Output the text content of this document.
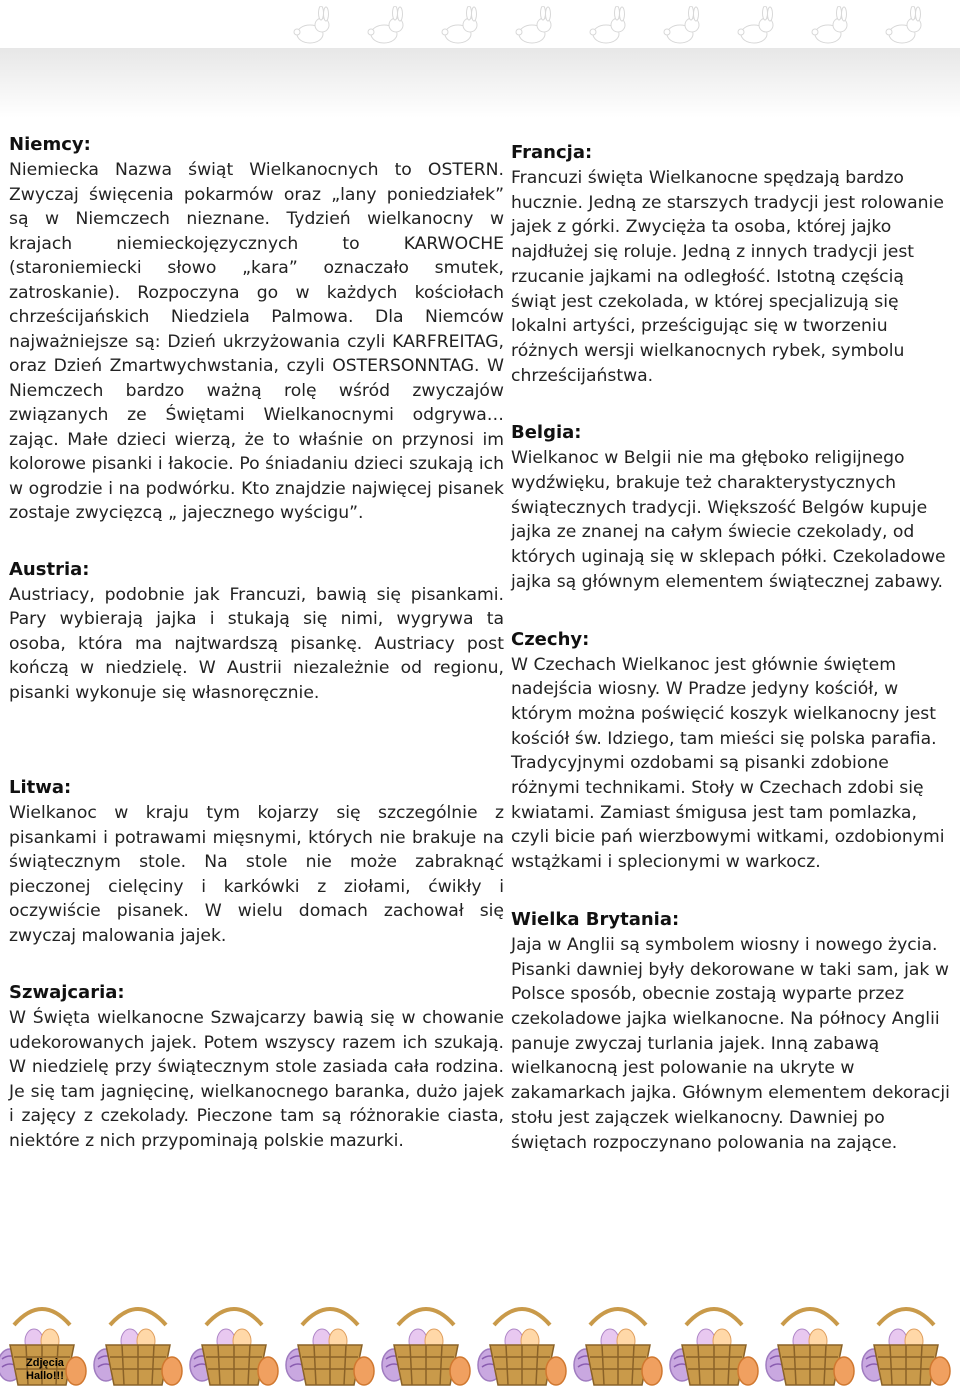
Niemcy:

Niemiecka Nazwa świąt Wielkanocnych to OSTERN. Zwyczaj święcenia pokarmów oraz „lany poniedziałek” są w Niemczech nieznane. Tydzień wielkanocny w krajach niemieckojęzycznych to KARWOCHE (staroniemiecki słowo „kara” oznaczało smutek, zatroskanie). Rozpoczyna go w każdych kościołach chrześcijańskich Niedziela Palmowa. Dla Niemców najważniejsze są: Dzień ukrzyżowania czyli KARFREITAG, oraz Dzień Zmartwychwstania, czyli OSTERSONNTAG. W Niemczech bardzo ważną rolę wśród zwyczajów związanych ze Świętami Wielkanocnymi odgrywa… zając. Małe dzieci wierzą, że to właśnie on przynosi im kolorowe pisanki i łakocie. Po śniadaniu dzieci szukają ich w ogrodzie i na podwórku. Kto znajdzie najwięcej pisanek zostaje zwycięzcą „ jajecznego wyścigu”.

Austria:

Austriacy, podobnie jak Francuzi, bawią się pisankami. Pary wybierają jajka i stukają się nimi, wygrywa ta osoba, która ma najtwardszą pisankę. Austriacy post kończą w niedzielę. W Austrii niezależnie od regionu, pisanki wykonuje się własnoręcznie.

Litwa:

Wielkanoc w kraju tym kojarzy się szczególnie z pisankami i potrawami mięsnymi, których nie brakuje na świątecznym stole. Na stole nie może zabraknąć pieczonej cielęciny i karkówki z ziołami, ćwikły i oczywiście pisanek. W wielu domach zachował się zwyczaj malowania jajek.

Szwajcaria:

W Święta wielkanocne Szwajcarzy bawią się w chowanie udekorowanych jajek. Potem wszyscy razem ich szukają. W niedzielę przy świątecznym stole zasiada cała rodzina. Je się tam jagnięcinę, wielkanocnego baranka, dużo jajek i zajęcy z czekolady. Pieczone tam są różnorakie ciasta, niektóre z nich przypominają polskie mazurki.

Francja:

Francuzi święta Wielkanocne spędzają bardzo hucznie. Jedną ze starszych tradycji jest rolowanie jajek z górki. Zwycięża ta osoba, której jajko najdłużej się roluje. Jedną z innych tradycji jest rzucanie jajkami na odległość. Istotną częścią świąt jest czekolada, w której specjalizują się lokalni artyści, prześcigując się w tworzeniu różnych wersji wielkanocnych rybek, symbolu chrześcijaństwa.

Belgia:

Wielkanoc w Belgii nie ma głęboko religijnego wydźwięku, brakuje też charakterystycznych świątecznych tradycji. Większość Belgów kupuje jajka ze znanej na całym świecie czekolady, od których uginają się w sklepach półki. Czekoladowe jajka są głównym elementem świątecznej zabawy.

Czechy:

W Czechach Wielkanoc jest głównie świętem nadejścia wiosny. W Pradze jedyny kościół, w którym można poświęcić koszyk wielkanocny jest kościół św. Idziego, tam mieści się polska parafia. Tradycyjnymi ozdobami są pisanki zdobione różnymi technikami. Stoły w Czechach zdobi się kwiatami. Zamiast śmigusa jest tam pomlazka, czyli bicie pań wierzbowymi witkami, ozdobionymi wstążkami i splecionymi w warkocz.

Wielka Brytania:

Jaja w Anglii są symbolem wiosny i nowego życia. Pisanki dawniej były dekorowane w taki sam, jak w Polsce sposób, obecnie zostają wyparte przez czekoladowe jajka wielkanocne. Na północy Anglii panuje zwyczaj turlania jajek. Inną zabawą wielkanocną jest polowanie na ukryte w zakamarkach jajka. Głównym elementem dekoracji stołu jest zajączek wielkanocny. Dawniej po świętach rozpoczynano polowania na zające.

Zdjęcia
Hallo!!!
